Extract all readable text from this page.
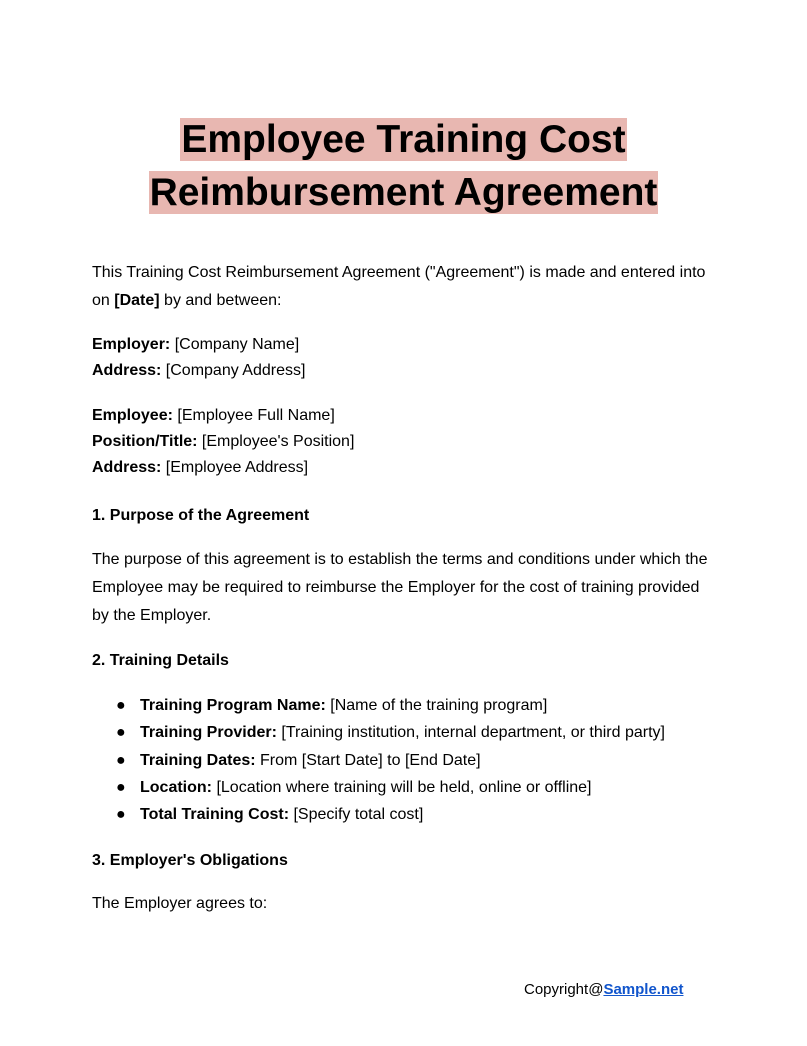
Employee Training Cost
Reimbursement Agreement

This Training Cost Reimbursement Agreement ("Agreement") is made and entered into on [Date] by and between:

Employer: [Company Name]
Address: [Company Address]
Employee: [Employee Full Name]
Position/Title: [Employee's Position]
Address: [Employee Address]
1. Purpose of the Agreement

The purpose of this agreement is to establish the terms and conditions under which the Employee may be required to reimburse the Employer for the cost of training provided by the Employer.

2. Training Details
● Training Program Name: [Name of the training program]
● Training Provider: [Training institution, internal department, or third party]
● Training Dates: From [Start Date] to [End Date]
● Location: [Location where training will be held, online or offline]
● Total Training Cost: [Specify total cost]
3. Employer's Obligations

The Employer agrees to:

Copyright@Sample.net
